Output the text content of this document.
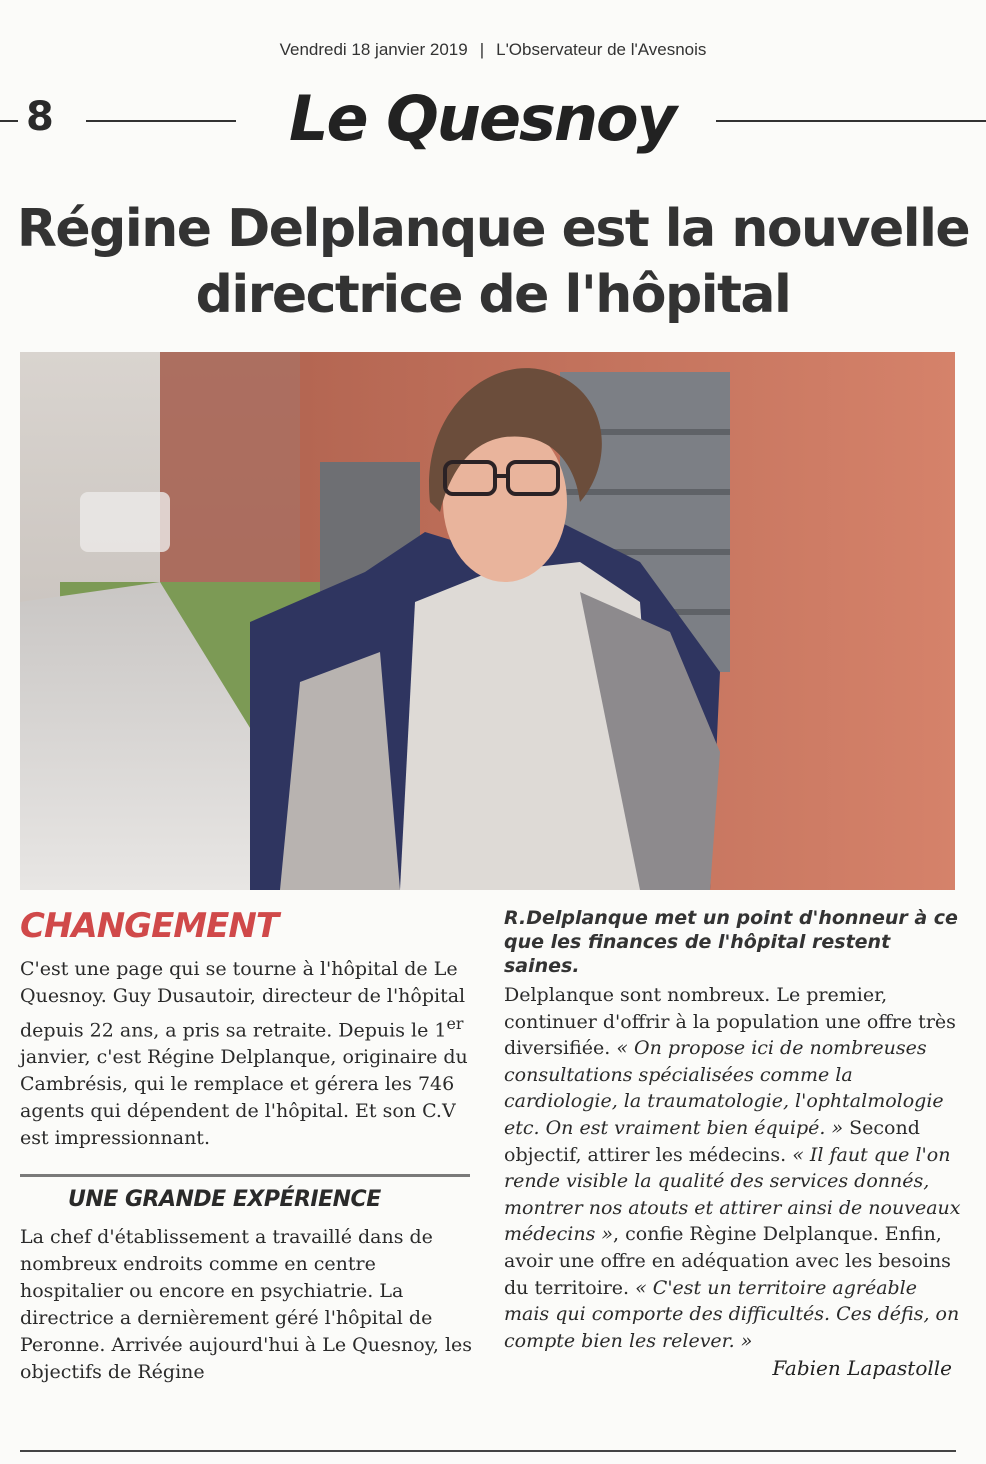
Vendredi 18 janvier 2019 | L'Observateur de l'Avesnois
8	Le Quesnoy
Régine Delplanque est la nouvelle
directrice de l'hôpital
CHANGEMENT

C'est une page qui se tourne à l'hôpital de Le Quesnoy. Guy Dusautoir, directeur de l'hôpital depuis 22 ans, a pris sa retraite. Depuis le 1er janvier, c'est Régine Delplanque, originaire du Cambrésis, qui le remplace et gérera les 746 agents qui dépendent de l'hôpital. Et son C.V est impressionnant.

UNE GRANDE EXPÉRIENCE

La chef d'établissement a travaillé dans de nombreux endroits comme en centre hospitalier ou encore en psychiatrie. La directrice a dernièrement géré l'hôpital de Peronne. Arrivée aujourd'hui à Le Quesnoy, les objectifs de Régine

R.Delplanque met un point d'honneur à ce que les finances de l'hôpital restent saines.

Delplanque sont nombreux. Le premier, continuer d'offrir à la population une offre très diversifiée. « On propose ici de nombreuses consultations spécialisées comme la cardiologie, la traumatologie, l'ophtalmologie etc. On est vraiment bien équipé. » Second objectif, attirer les médecins. « Il faut que l'on rende visible la qualité des services donnés, montrer nos atouts et attirer ainsi de nouveaux médecins », confie Règine Delplanque. Enfin, avoir une offre en adéquation avec les besoins du territoire. « C'est un territoire agréable mais qui comporte des difficultés. Ces défis, on compte bien les relever. »

Fabien Lapastolle
